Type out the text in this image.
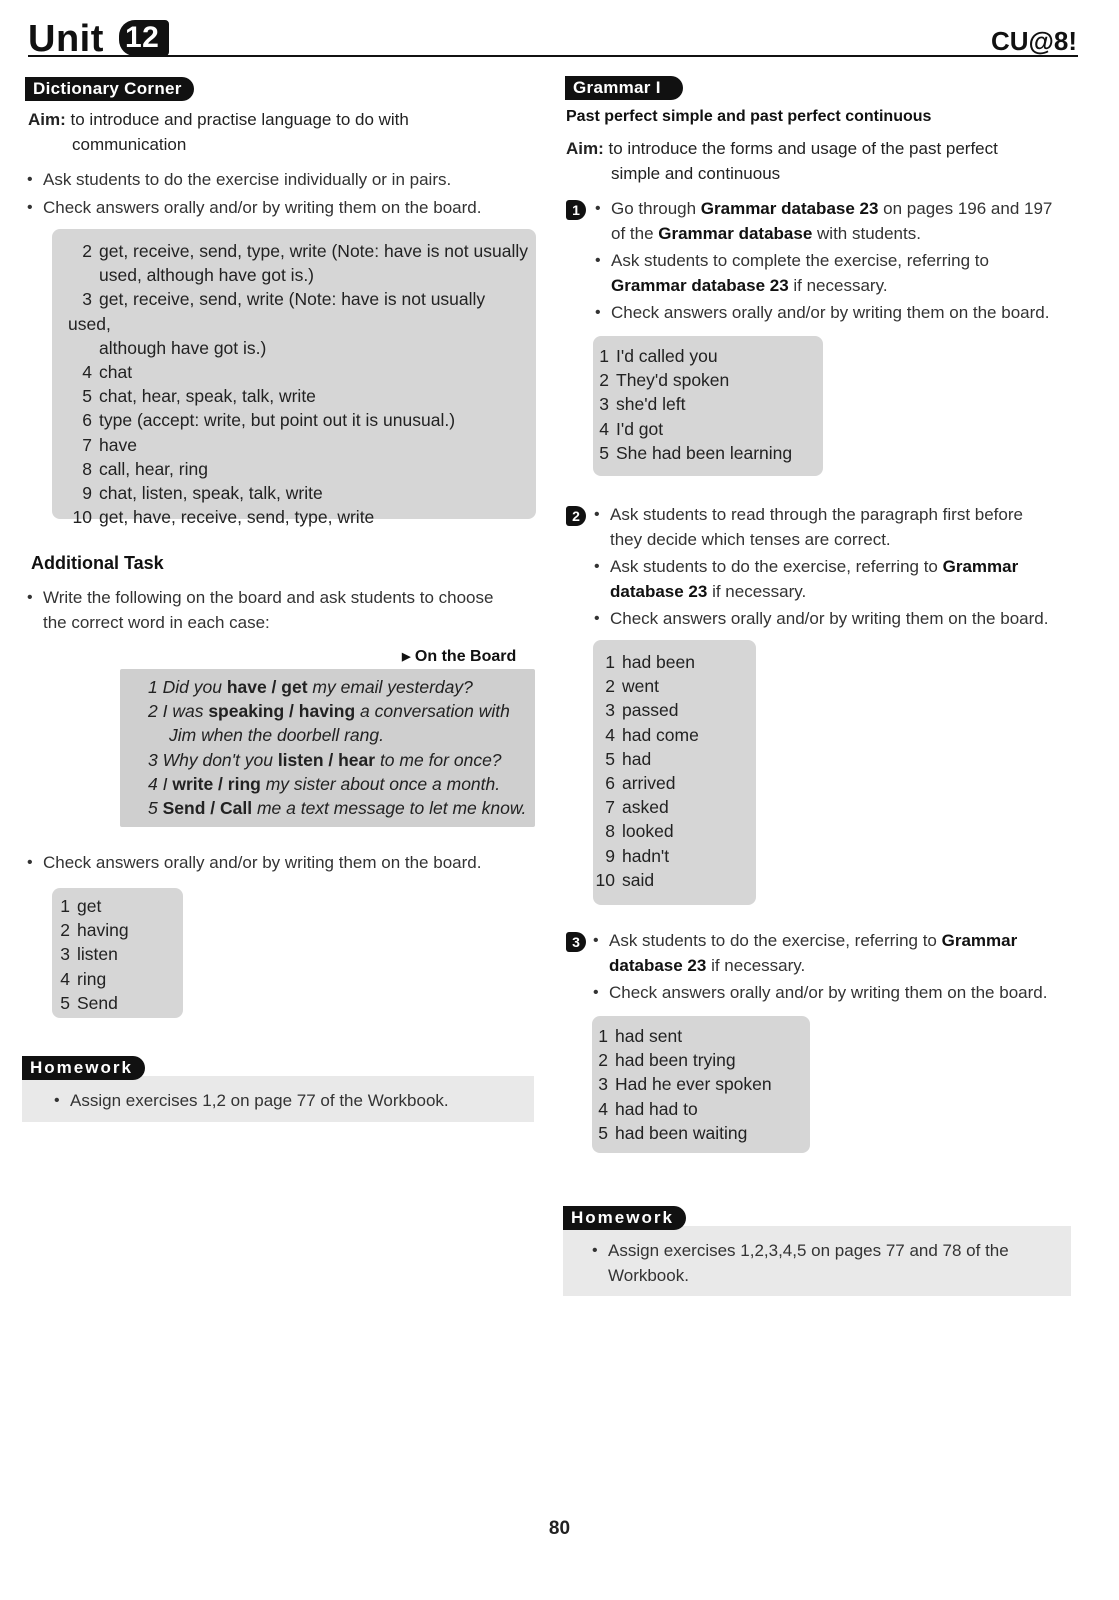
Unit 12	CU@8!
Dictionary Corner
Aim: to introduce and practise language to do with
communication
• Ask students to do the exercise individually or in pairs.
• Check answers orally and/or by writing them on the board.
2 get, receive, send, type, write (Note: have is not usually
used, although have got is.)
3 get, receive, send, write (Note: have is not usually used,
although have got is.)
4 chat
5 chat, hear, speak, talk, write
6 type (accept: write, but point out it is unusual.)
7 have
8 call, hear, ring
9 chat, listen, speak, talk, write
10 get, have, receive, send, type, write
Additional Task
• Write the following on the board and ask students to choose
the correct word in each case:
▶ On the Board
1 Did you have / get my email yesterday?
2 I was speaking / having a conversation with
Jim when the doorbell rang.
3 Why don't you listen / hear to me for once?
4 I write / ring my sister about once a month.
5 Send / Call me a text message to let me know.
• Check answers orally and/or by writing them on the board.
1 get
2 having
3 listen
4 ring
5 Send
Homework
• Assign exercises 1,2 on page 77 of the Workbook.
Grammar I
Past perfect simple and past perfect continuous
Aim: to introduce the forms and usage of the past perfect
simple and continuous
1	• Go through Grammar database 23 on pages 196 and 197
of the Grammar database with students.
• Ask students to complete the exercise, referring to
Grammar database 23 if necessary.
• Check answers orally and/or by writing them on the board.
1 I'd called you
2 They'd spoken
3 she'd left
4 I'd got
5 She had been learning
2	• Ask students to read through the paragraph first before
they decide which tenses are correct.
• Ask students to do the exercise, referring to Grammar
database 23 if necessary.
• Check answers orally and/or by writing them on the board.
1 had been
2 went
3 passed
4 had come
5 had
6 arrived
7 asked
8 looked
9 hadn't
10 said
3	• Ask students to do the exercise, referring to Grammar
database 23 if necessary.
• Check answers orally and/or by writing them on the board.
1 had sent
2 had been trying
3 Had he ever spoken
4 had had to
5 had been waiting
Homework
• Assign exercises 1,2,3,4,5 on pages 77 and 78 of the
Workbook.
80
